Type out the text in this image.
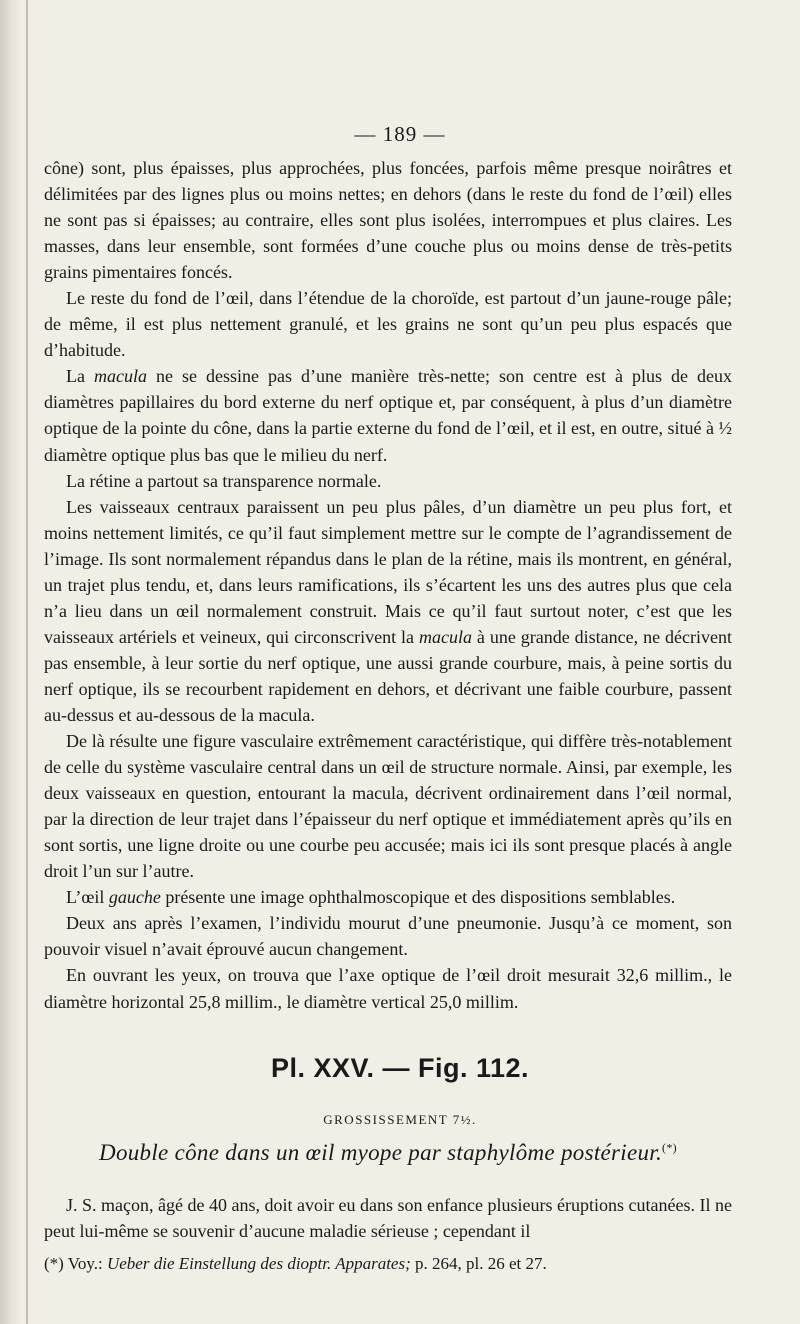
— 189 —

cône) sont, plus épaisses, plus approchées, plus foncées, parfois même presque noirâtres et délimitées par des lignes plus ou moins nettes; en dehors (dans le reste du fond de l’œil) elles ne sont pas si épaisses; au contraire, elles sont plus isolées, interrompues et plus claires. Les masses, dans leur ensemble, sont formées d’une couche plus ou moins dense de très-petits grains pimentaires foncés.

Le reste du fond de l’œil, dans l’étendue de la choroïde, est partout d’un jaune-rouge pâle; de même, il est plus nettement granulé, et les grains ne sont qu’un peu plus espacés que d’habitude.

La macula ne se dessine pas d’une manière très-nette; son centre est à plus de deux diamètres papillaires du bord externe du nerf optique et, par conséquent, à plus d’un diamètre optique de la pointe du cône, dans la partie externe du fond de l’œil, et il est, en outre, situé à ½ diamètre optique plus bas que le milieu du nerf.

La rétine a partout sa transparence normale.

Les vaisseaux centraux paraissent un peu plus pâles, d’un diamètre un peu plus fort, et moins nettement limités, ce qu’il faut simplement mettre sur le compte de l’agrandissement de l’image. Ils sont normalement répandus dans le plan de la rétine, mais ils montrent, en général, un trajet plus tendu, et, dans leurs ramifications, ils s’écartent les uns des autres plus que cela n’a lieu dans un œil normalement construit. Mais ce qu’il faut surtout noter, c’est que les vaisseaux artériels et veineux, qui circonscrivent la macula à une grande distance, ne décrivent pas ensemble, à leur sortie du nerf optique, une aussi grande courbure, mais, à peine sortis du nerf optique, ils se recourbent rapidement en dehors, et décrivant une faible courbure, passent au-dessus et au-dessous de la macula.

De là résulte une figure vasculaire extrêmement caractéristique, qui diffère très-notablement de celle du système vasculaire central dans un œil de structure normale. Ainsi, par exemple, les deux vaisseaux en question, entourant la macula, décrivent ordinairement dans l’œil normal, par la direction de leur trajet dans l’épaisseur du nerf optique et immédiatement après qu’ils en sont sortis, une ligne droite ou une courbe peu accusée; mais ici ils sont presque placés à angle droit l’un sur l’autre.

L’œil gauche présente une image ophthalmoscopique et des dispositions semblables.

Deux ans après l’examen, l’individu mourut d’une pneumonie. Jusqu’à ce moment, son pouvoir visuel n’avait éprouvé aucun changement.

En ouvrant les yeux, on trouva que l’axe optique de l’œil droit mesurait 32,6 millim., le diamètre horizontal 25,8 millim., le diamètre vertical 25,0 millim.

Pl. XXV. — Fig. 112.
GROSSISSEMENT 7½.
Double cône dans un œil myope par staphylôme postérieur.(*)

J. S. maçon, âgé de 40 ans, doit avoir eu dans son enfance plusieurs éruptions cutanées. Il ne peut lui-même se souvenir d’aucune maladie sérieuse ; cependant il

(*) Voy.: Ueber die Einstellung des dioptr. Apparates; p. 264, pl. 26 et 27.
